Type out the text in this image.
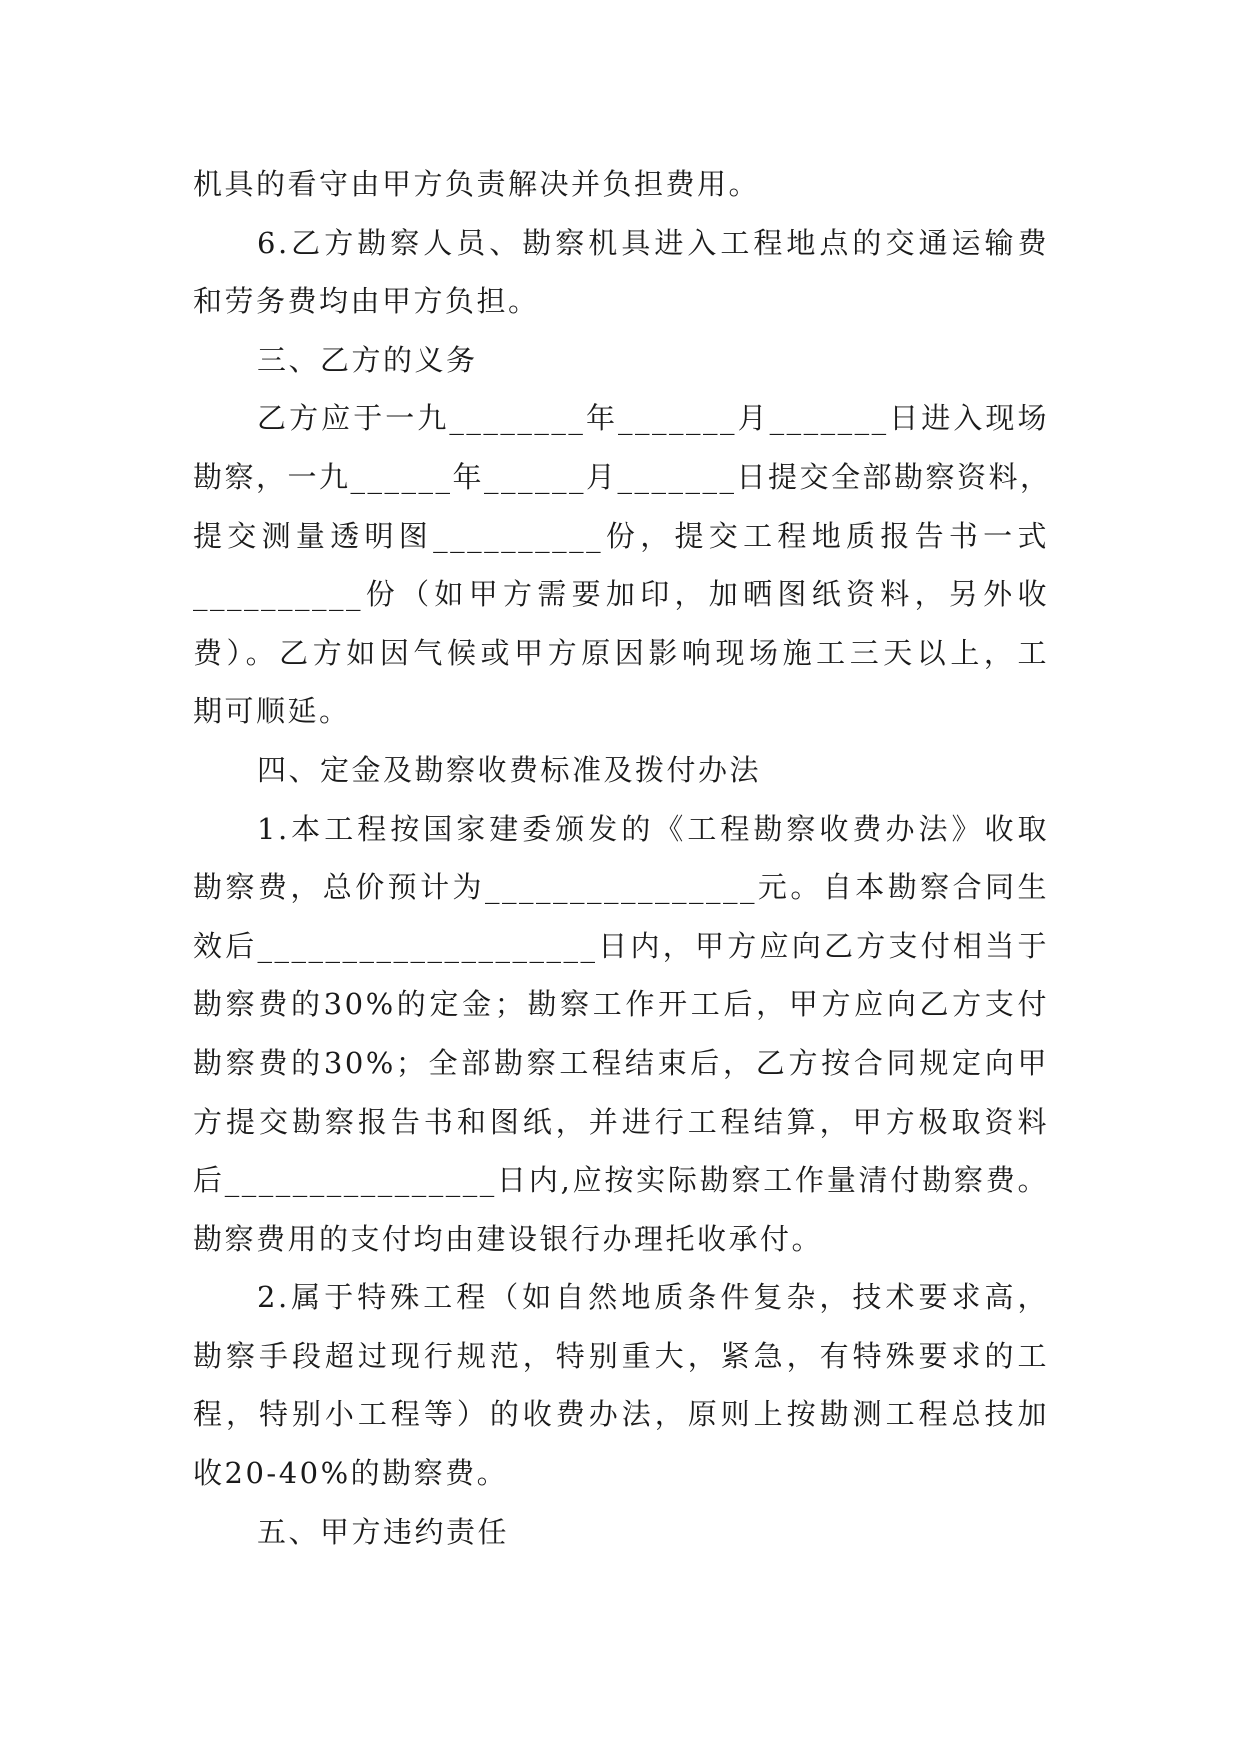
机具的看守由甲方负责解决并负担费用。
6.乙方勘察人员、勘察机具进入工程地点的交通运输费
和劳务费均由甲方负担。
三、乙方的义务
乙方应于一九________年_______月_______日进入现场
勘察，一九______年______月_______日提交全部勘察资料，
提交测量透明图__________份，提交工程地质报告书一式
__________份（如甲方需要加印，加晒图纸资料，另外收
费）。乙方如因气候或甲方原因影响现场施工三天以上，工
期可顺延。
四、定金及勘察收费标准及拨付办法
1.本工程按国家建委颁发的《工程勘察收费办法》收取
勘察费，总价预计为________________元。自本勘察合同生
效后____________________日内，甲方应向乙方支付相当于
勘察费的30%的定金；勘察工作开工后，甲方应向乙方支付
勘察费的30%；全部勘察工程结束后，乙方按合同规定向甲
方提交勘察报告书和图纸，并进行工程结算，甲方极取资料
后________________日内,应按实际勘察工作量清付勘察费。
勘察费用的支付均由建设银行办理托收承付。
2.属于特殊工程（如自然地质条件复杂，技术要求高，
勘察手段超过现行规范，特别重大，紧急，有特殊要求的工
程，特别小工程等）的收费办法，原则上按勘测工程总技加
收20-40%的勘察费。
五、甲方违约责任
